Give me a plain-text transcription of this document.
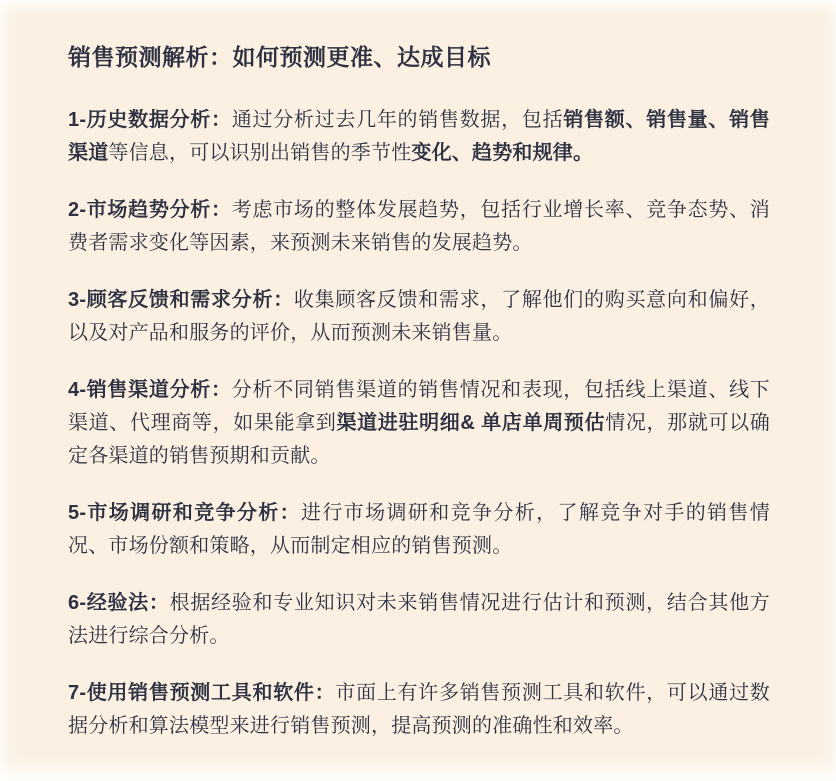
销售预测解析：如何预测更准、达成目标

1-历史数据分析：通过分析过去几年的销售数据，包括销售额、销售量、销售渠道等信息，可以识别出销售的季节性变化、趋势和规律。

2-市场趋势分析：考虑市场的整体发展趋势，包括行业增长率、竞争态势、消费者需求变化等因素，来预测未来销售的发展趋势。

3-顾客反馈和需求分析：收集顾客反馈和需求，了解他们的购买意向和偏好，以及对产品和服务的评价，从而预测未来销售量。

4-销售渠道分析：分析不同销售渠道的销售情况和表现，包括线上渠道、线下渠道、代理商等，如果能拿到渠道进驻明细& 单店单周预估情况，那就可以确定各渠道的销售预期和贡献。

5-市场调研和竞争分析：进行市场调研和竞争分析，了解竞争对手的销售情况、市场份额和策略，从而制定相应的销售预测。

6-经验法：根据经验和专业知识对未来销售情况进行估计和预测，结合其他方法进行综合分析。

7-使用销售预测工具和软件：市面上有许多销售预测工具和软件，可以通过数据分析和算法模型来进行销售预测，提高预测的准确性和效率。
